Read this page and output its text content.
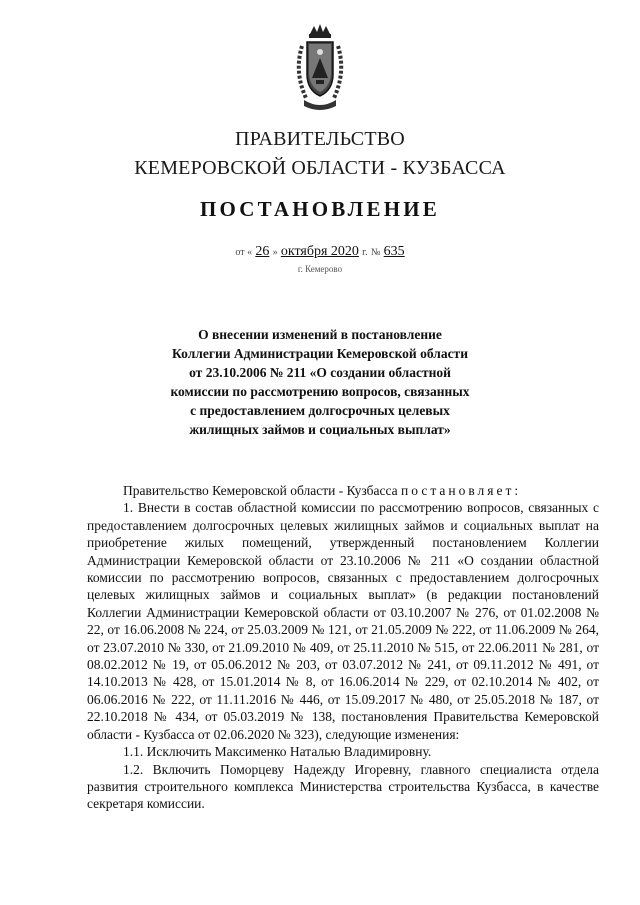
ПРАВИТЕЛЬСТВО
КЕМЕРОВСКОЙ ОБЛАСТИ - КУЗБАССА
ПОСТАНОВЛЕНИЕ
от « 26 » октября 2020 г. № 635
г. Кемерово
О внесении изменений в постановление
Коллегии Администрации Кемеровской области
от 23.10.2006 № 211 «О создании областной
комиссии по рассмотрению вопросов, связанных
с предоставлением долгосрочных целевых
жилищных займов и социальных выплат»

Правительство Кемеровской области - Кузбасса постановляет:

1. Внести в состав областной комиссии по рассмотрению вопросов, связанных с предоставлением долгосрочных целевых жилищных займов и социальных выплат на приобретение жилых помещений, утвержденный постановлением Коллегии Администрации Кемеровской области от 23.10.2006 № 211 «О создании областной комиссии по рассмотрению вопросов, связанных с предоставлением долгосрочных целевых жилищных займов и социальных выплат» (в редакции постановлений Коллегии Администрации Кемеровской области от 03.10.2007 № 276, от 01.02.2008 № 22, от 16.06.2008 № 224, от 25.03.2009 № 121, от 21.05.2009 № 222, от 11.06.2009 № 264, от 23.07.2010 № 330, от 21.09.2010 № 409, от 25.11.2010 № 515, от 22.06.2011 № 281, от 08.02.2012 № 19, от 05.06.2012 № 203, от 03.07.2012 № 241, от 09.11.2012 № 491, от 14.10.2013 № 428, от 15.01.2014 № 8, от 16.06.2014 № 229, от 02.10.2014 № 402, от 06.06.2016 № 222, от 11.11.2016 № 446, от 15.09.2017 № 480, от 25.05.2018 № 187, от 22.10.2018 № 434, от 05.03.2019 № 138, постановления Правительства Кемеровской области - Кузбасса от 02.06.2020 № 323), следующие изменения:

1.1. Исключить Максименко Наталью Владимировну.

1.2. Включить Поморцеву Надежду Игоревну, главного специалиста отдела развития строительного комплекса Министерства строительства Кузбасса, в качестве секретаря комиссии.
